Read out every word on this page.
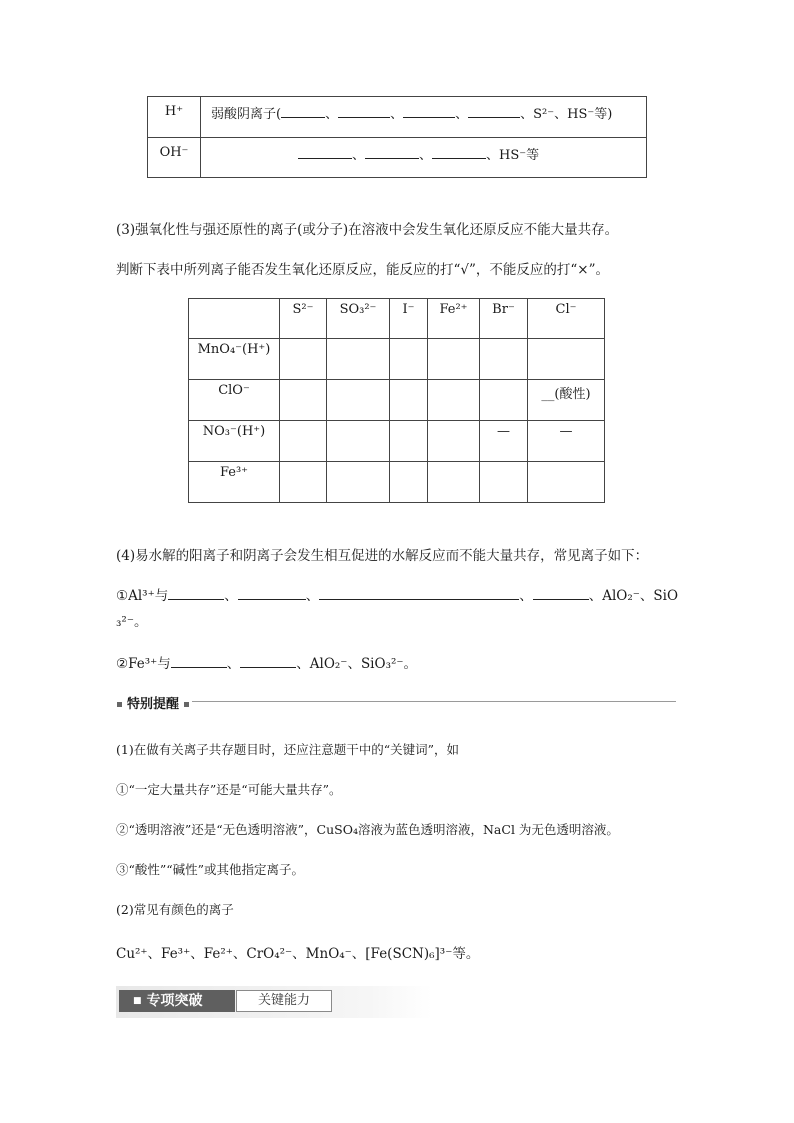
H⁺	弱酸阴离子( 、 、 、 、S²⁻、HS⁻等)
OH⁻	、 、 、HS⁻等
(3)强氧化性与强还原性的离子(或分子)在溶液中会发生氧化还原反应不能大量共存。
判断下表中所列离子能否发生氧化还原反应，能反应的打“√”，不能反应的打“×”。
	S²⁻	SO₃²⁻	I⁻	Fe²⁺	Br⁻	Cl⁻
MnO₄⁻(H⁺)						
ClO⁻						__(酸性)
NO₃⁻(H⁺)					—	—
Fe³⁺						
(4)易水解的阳离子和阴离子会发生相互促进的水解反应而不能大量共存，常见离子如下：
①Al³⁺与	、	、	、	、AlO₂⁻、SiO
₃²⁻。
②Fe³⁺与	、	、AlO₂⁻、SiO₃²⁻。
特别提醒
(1)在做有关离子共存题目时，还应注意题干中的“关键词”，如
①“一定大量共存”还是“可能大量共存”。
②“透明溶液”还是“无色透明溶液”，CuSO₄溶液为蓝色透明溶液，NaCl 为无色透明溶液。
③“酸性”“碱性”或其他指定离子。
(2)常见有颜色的离子
Cu²⁺、Fe³⁺、Fe²⁺、CrO₄²⁻、MnO₄⁻、[Fe(SCN)₆]³⁻等。
■ 专项突破	关键能力
